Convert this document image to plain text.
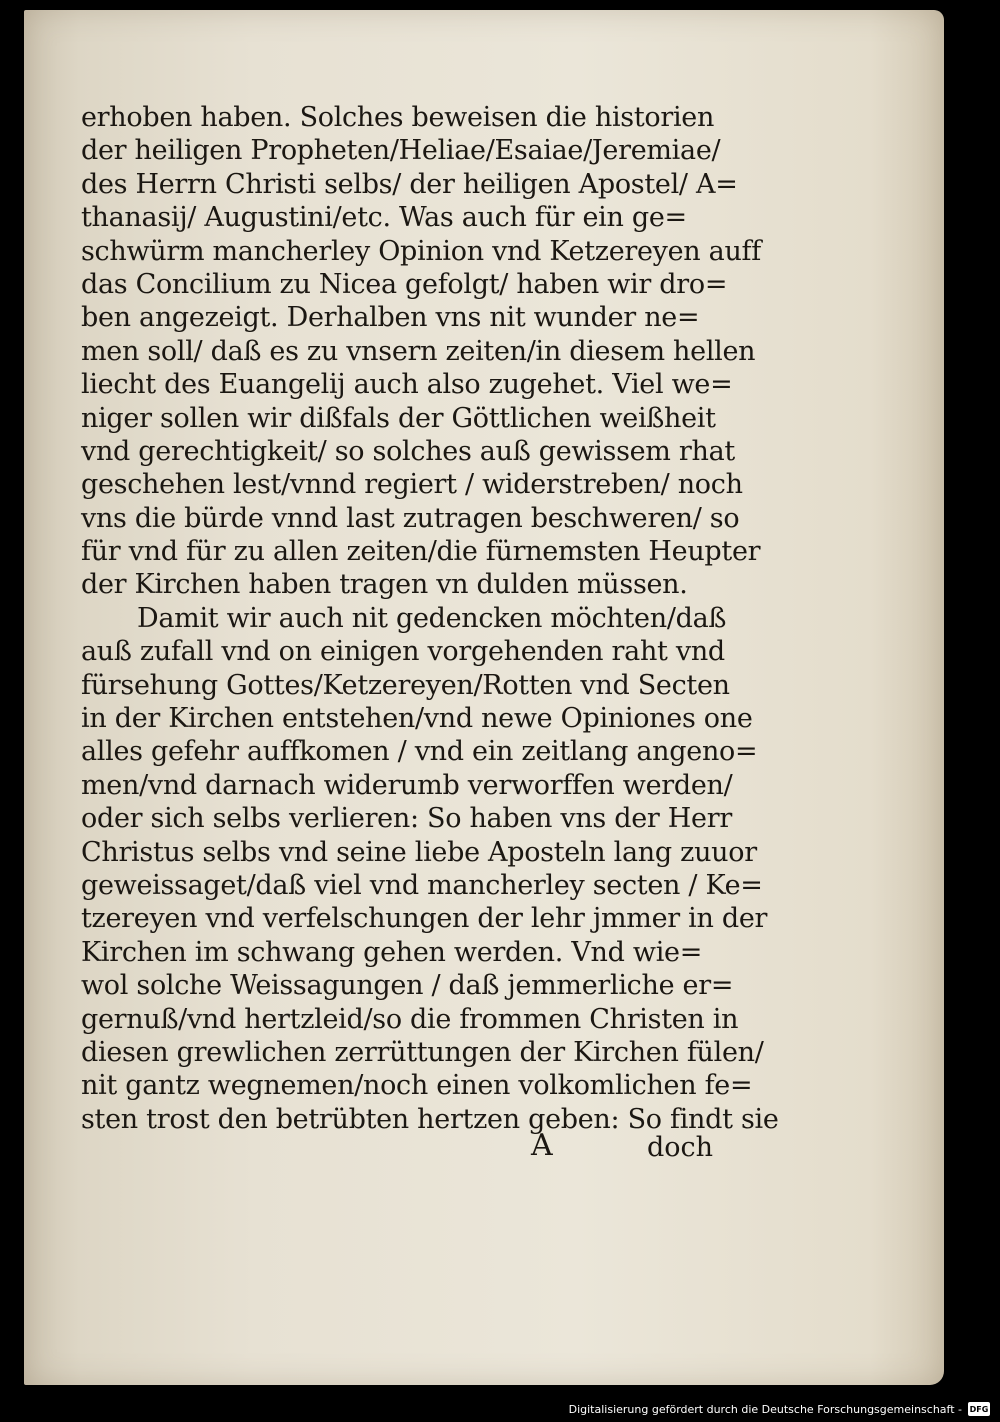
erhoben haben. Solches beweisen die historien
der heiligen Propheten/Heliae/Esaiae/Jeremiae/
des Herrn Christi selbs/ der heiligen Apostel/ A=
thanasij/ Augustini/etc. Was auch für ein ge=
schwürm mancherley Opinion vnd Ketzereyen auff
das Concilium zu Nicea gefolgt/ haben wir dro=
ben angezeigt. Derhalben vns nit wunder ne=
men soll/ daß es zu vnsern zeiten/in diesem hellen
liecht des Euangelij auch also zugehet. Viel we=
niger sollen wir dißfals der Göttlichen weißheit
vnd gerechtigkeit/ so solches auß gewissem rhat
geschehen lest/vnnd regiert / widerstreben/ noch
vns die bürde vnnd last zutragen beschweren/ so
für vnd für zu allen zeiten/die fürnemsten Heupter
der Kirchen haben tragen vn dulden müssen.
Damit wir auch nit gedencken möchten/daß
auß zufall vnd on einigen vorgehenden raht vnd
fürsehung Gottes/Ketzereyen/Rotten vnd Secten
in der Kirchen entstehen/vnd newe Opiniones one
alles gefehr auffkomen / vnd ein zeitlang angeno=
men/vnd darnach widerumb verworffen werden/
oder sich selbs verlieren: So haben vns der Herr
Christus selbs vnd seine liebe Aposteln lang zuuor
geweissaget/daß viel vnd mancherley secten / Ke=
tzereyen vnd verfelschungen der lehr jmmer in der
Kirchen im schwang gehen werden. Vnd wie=
wol solche Weissagungen / daß jemmerliche er=
gernuß/vnd hertzleid/so die frommen Christen in
diesen grewlichen zerrüttungen der Kirchen fülen/
nit gantz wegnemen/noch einen volkomlichen fe=
sten trost den betrübten hertzen geben: So findt sie
A	doch
Digitalisierung gefördert durch die Deutsche Forschungsgemeinschaft - DFG
